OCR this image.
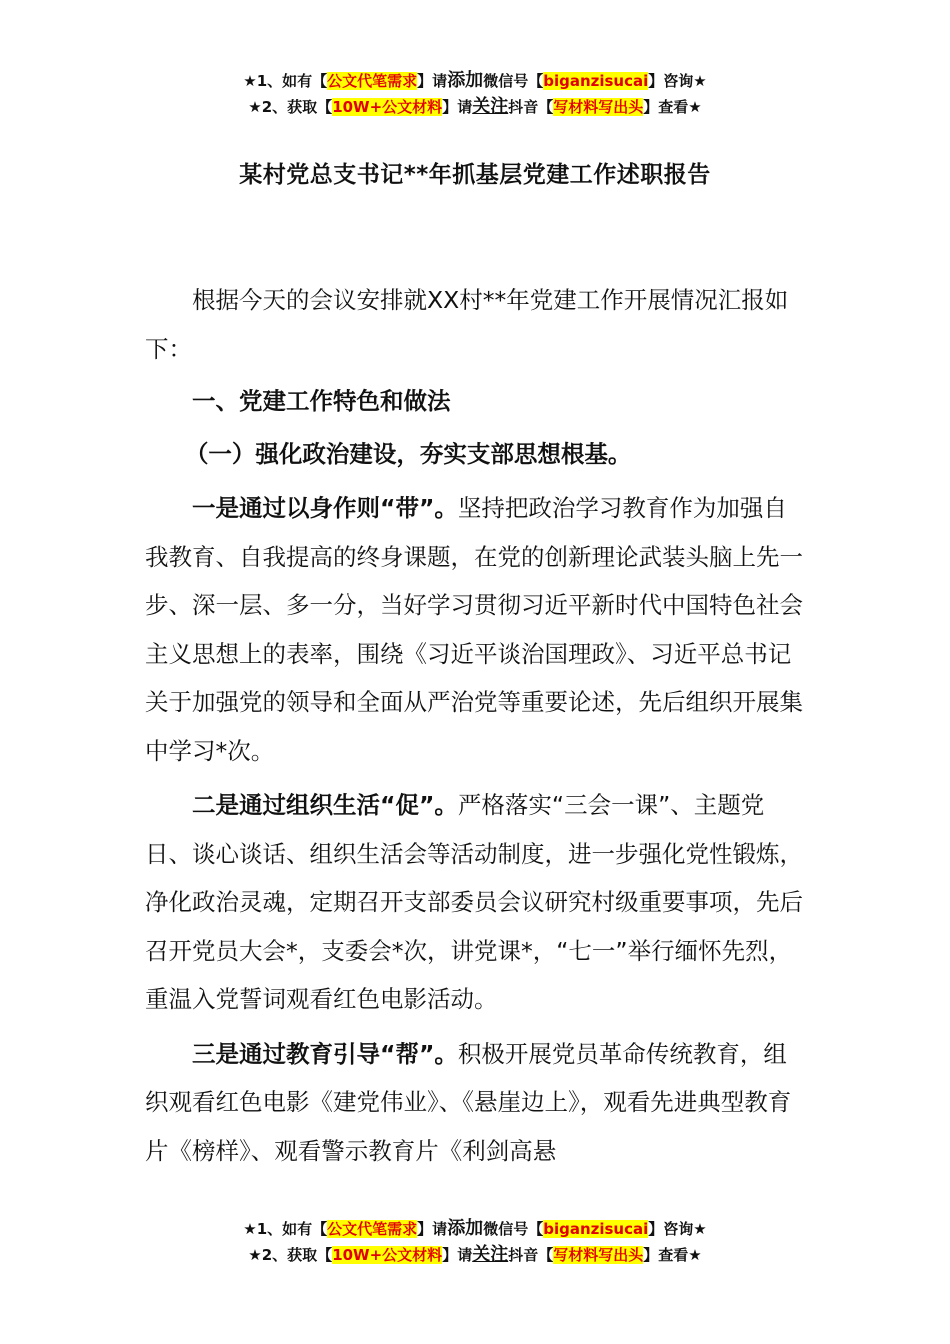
★1、如有【公文代笔需求】请添加微信号【biganzisucai】咨询★
★2、获取【10W+公文材料】请关注抖音【写材料写出头】查看★
某村党总支书记**年抓基层党建工作述职报告

根据今天的会议安排就XX村**年党建工作开展情况汇报如下：

一、党建工作特色和做法

（一）强化政治建设，夯实支部思想根基。

一是通过以身作则“带”。坚持把政治学习教育作为加强自我教育、自我提高的终身课题，在党的创新理论武装头脑上先一步、深一层、多一分，当好学习贯彻习近平新时代中国特色社会主义思想上的表率，围绕《习近平谈治国理政》、习近平总书记关于加强党的领导和全面从严治党等重要论述，先后组织开展集中学习*次。

二是通过组织生活“促”。严格落实“三会一课”、主题党日、谈心谈话、组织生活会等活动制度，进一步强化党性锻炼，净化政治灵魂，定期召开支部委员会议研究村级重要事项，先后召开党员大会*，支委会*次，讲党课*，“七一”举行缅怀先烈，重温入党誓词观看红色电影活动。

三是通过教育引导“帮”。积极开展党员革命传统教育，组织观看红色电影《建党伟业》、《悬崖边上》，观看先进典型教育片《榜样》、观看警示教育片《利剑高悬

★1、如有【公文代笔需求】请添加微信号【biganzisucai】咨询★
★2、获取【10W+公文材料】请关注抖音【写材料写出头】查看★
